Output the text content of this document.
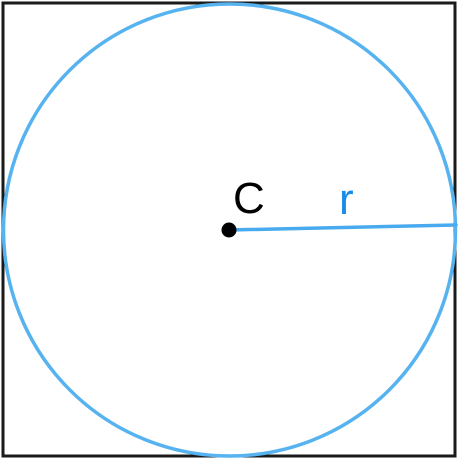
C r
